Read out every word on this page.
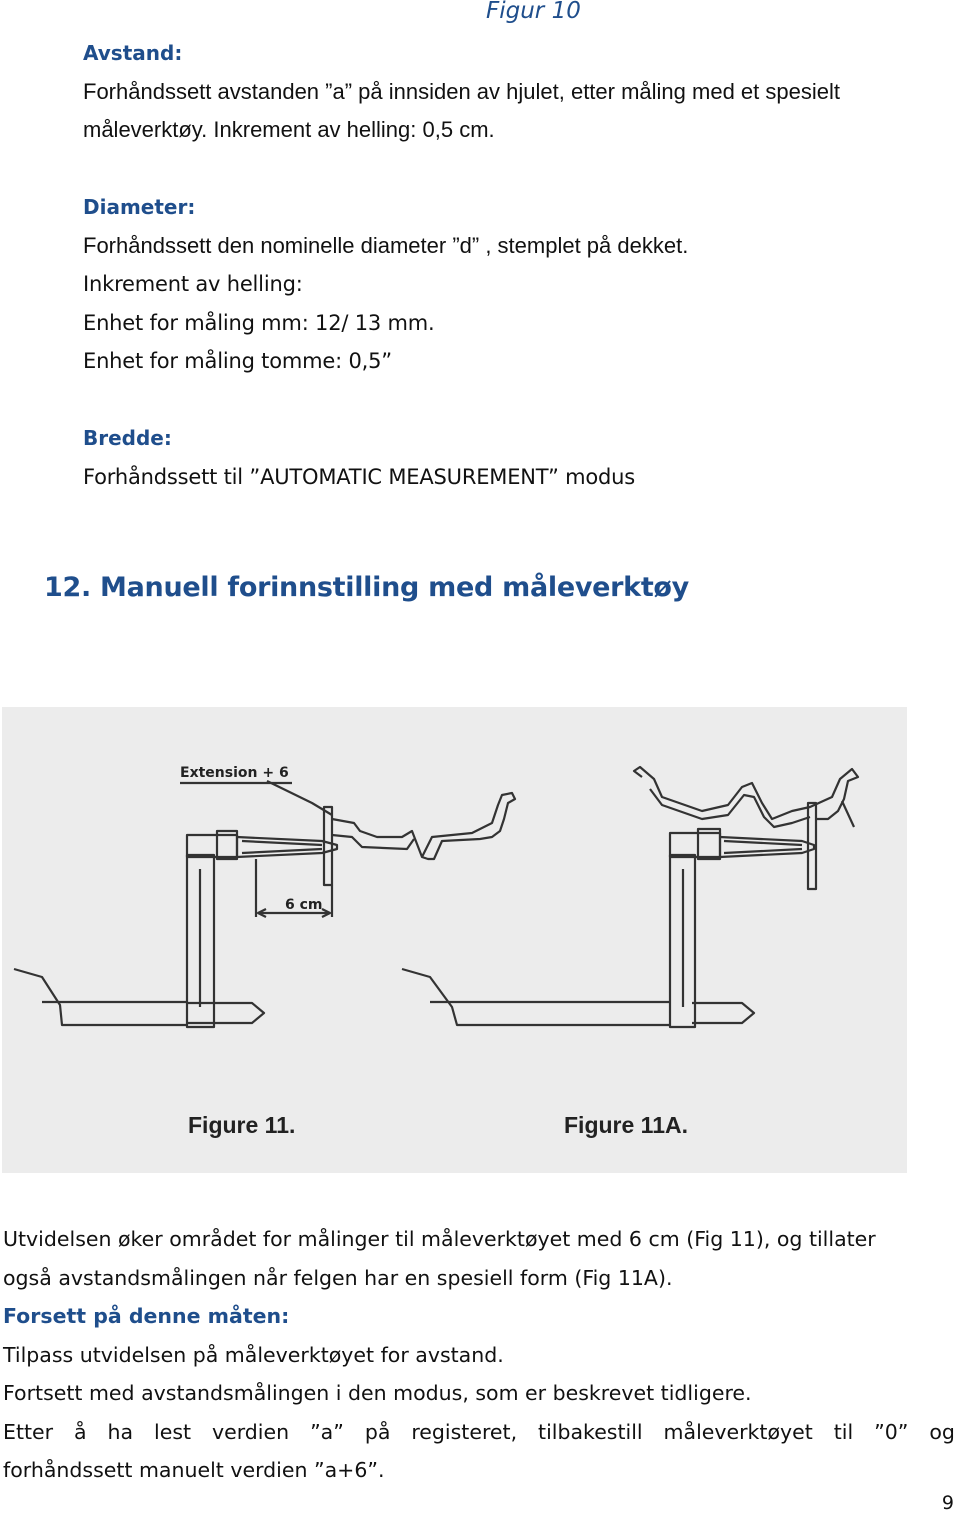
Figur 10
Avstand:
Forhåndssett avstanden ”a” på innsiden av hjulet, etter måling med et spesielt
måleverktøy. Inkrement av helling: 0,5 cm.
Diameter:
Forhåndssett den nominelle diameter ”d” , stemplet på dekket.
Inkrement av helling:
Enhet for måling mm: 12/ 13 mm.
Enhet for måling tomme: 0,5”
Bredde:
Forhåndssett til ”AUTOMATIC MEASUREMENT” modus
12. Manuell forinnstilling med måleverktøy
Extension + 6
6 cm
Figure 11.	Figure 11A.
Utvidelsen øker området for målinger til måleverktøyet med 6 cm (Fig 11), og tillater
også avstandsmålingen når felgen har en spesiell form (Fig 11A).
Forsett på denne måten:
Tilpass utvidelsen på måleverktøyet for avstand.
Fortsett med avstandsmålingen i den modus, som er beskrevet tidligere.
Etter å ha lest verdien ”a” på registeret, tilbakestill måleverktøyet til ”0” og
forhåndssett manuelt verdien ”a+6”.
9
